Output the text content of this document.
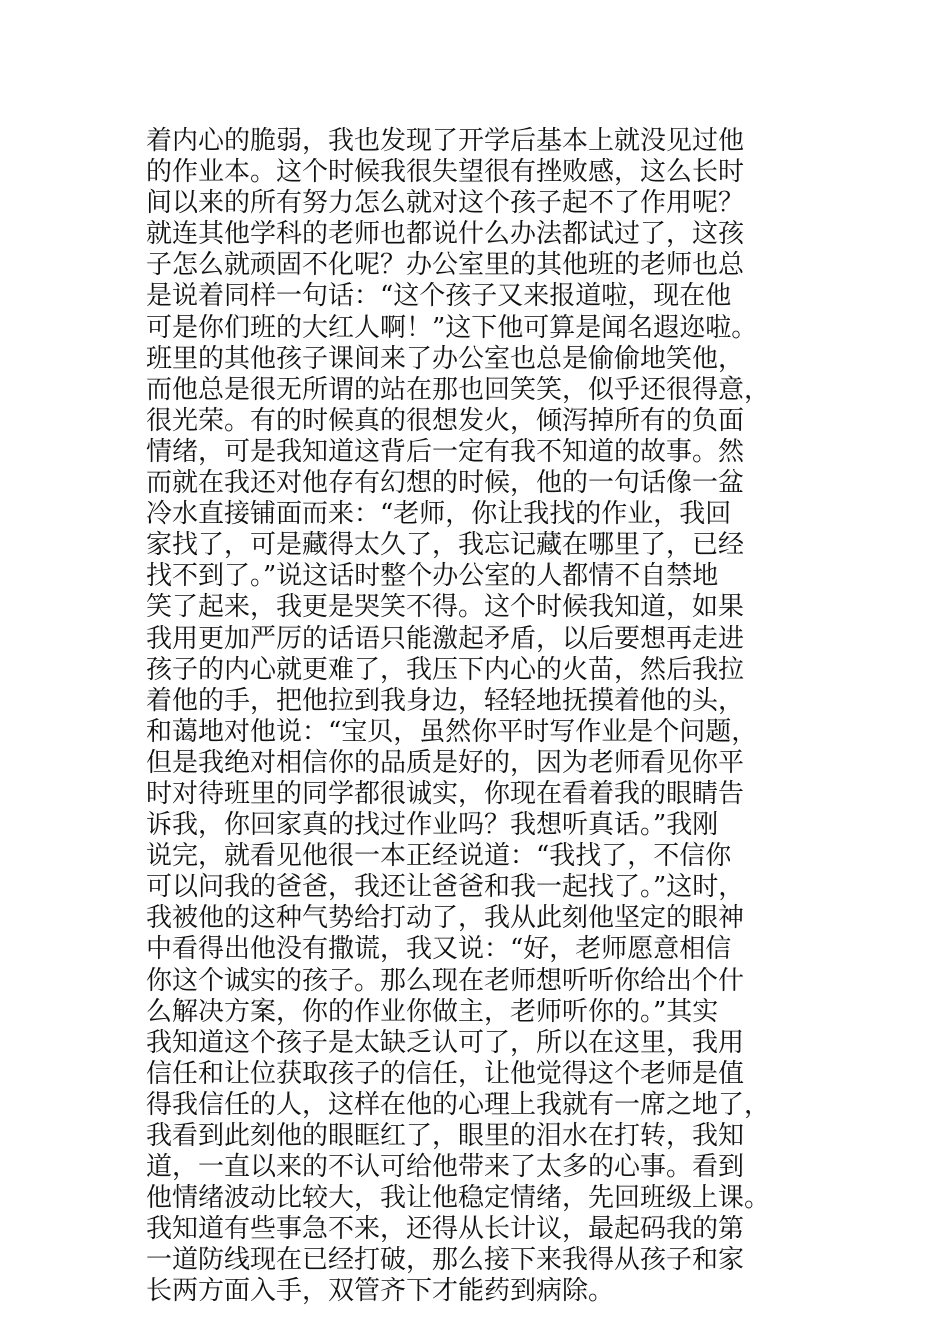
着内心的脆弱，我也发现了开学后基本上就没见过他
的作业本。这个时候我很失望很有挫败感，这么长时
间以来的所有努力怎么就对这个孩子起不了作用呢？
就连其他学科的老师也都说什么办法都试过了，这孩
子怎么就顽固不化呢？办公室里的其他班的老师也总
是说着同样一句话：“这个孩子又来报道啦，现在他
可是你们班的大红人啊！”这下他可算是闻名遐迩啦。
班里的其他孩子课间来了办公室也总是偷偷地笑他，
而他总是很无所谓的站在那也回笑笑，似乎还很得意，
很光荣。有的时候真的很想发火，倾泻掉所有的负面
情绪，可是我知道这背后一定有我不知道的故事。然
而就在我还对他存有幻想的时候，他的一句话像一盆
冷水直接铺面而来：“老师，你让我找的作业，我回
家找了，可是藏得太久了，我忘记藏在哪里了，已经
找不到了。”说这话时整个办公室的人都情不自禁地
笑了起来，我更是哭笑不得。这个时候我知道，如果
我用更加严厉的话语只能激起矛盾，以后要想再走进
孩子的内心就更难了，我压下内心的火苗，然后我拉
着他的手，把他拉到我身边，轻轻地抚摸着他的头，
和蔼地对他说：“宝贝，虽然你平时写作业是个问题，
但是我绝对相信你的品质是好的，因为老师看见你平
时对待班里的同学都很诚实，你现在看着我的眼睛告
诉我，你回家真的找过作业吗？我想听真话。”我刚
说完，就看见他很一本正经说道：“我找了，不信你
可以问我的爸爸，我还让爸爸和我一起找了。”这时，
我被他的这种气势给打动了，我从此刻他坚定的眼神
中看得出他没有撒谎，我又说：“好，老师愿意相信
你这个诚实的孩子。那么现在老师想听听你给出个什
么解决方案，你的作业你做主，老师听你的。”其实
我知道这个孩子是太缺乏认可了，所以在这里，我用
信任和让位获取孩子的信任，让他觉得这个老师是值
得我信任的人，这样在他的心理上我就有一席之地了，
我看到此刻他的眼眶红了，眼里的泪水在打转，我知
道，一直以来的不认可给他带来了太多的心事。看到
他情绪波动比较大，我让他稳定情绪，先回班级上课。
我知道有些事急不来，还得从长计议，最起码我的第
一道防线现在已经打破，那么接下来我得从孩子和家
长两方面入手，双管齐下才能药到病除。
